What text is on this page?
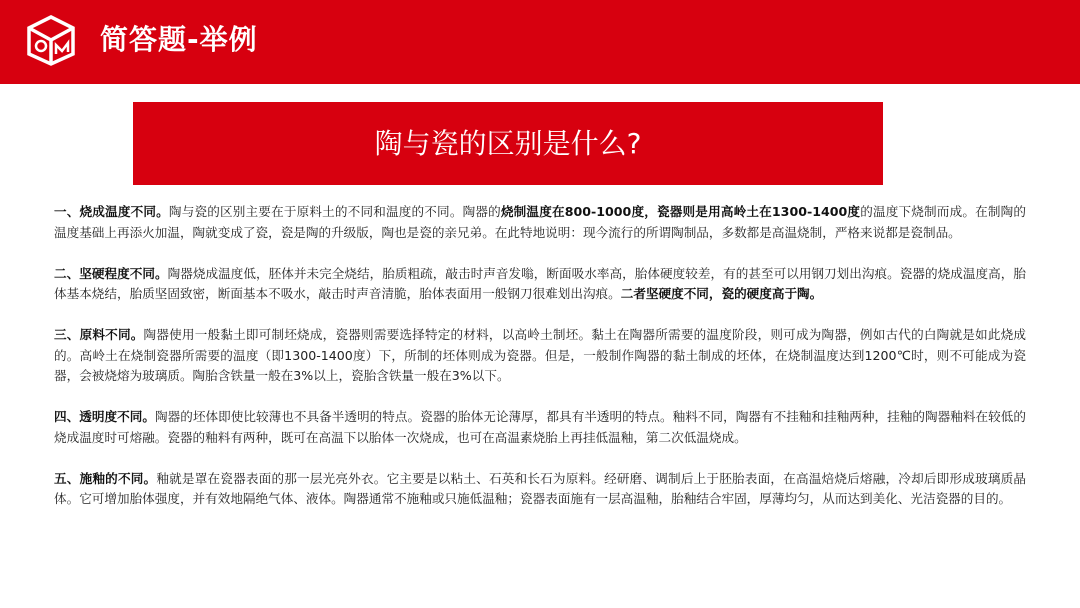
简答题-举例
陶与瓷的区别是什么?

一、烧成温度不同。陶与瓷的区别主要在于原料土的不同和温度的不同。陶器的烧制温度在800-1000度，瓷器则是用高岭土在1300-1400度的温度下烧制而成。在制陶的温度基础上再添火加温，陶就变成了瓷，瓷是陶的升级版，陶也是瓷的亲兄弟。在此特地说明：现今流行的所谓陶制品，多数都是高温烧制，严格来说都是瓷制品。

二、坚硬程度不同。陶器烧成温度低，胚体并未完全烧结，胎质粗疏，敲击时声音发嗡，断面吸水率高，胎体硬度较差，有的甚至可以用钢刀划出沟痕。瓷器的烧成温度高，胎体基本烧结，胎质坚固致密，断面基本不吸水，敲击时声音清脆，胎体表面用一般钢刀很难划出沟痕。二者坚硬度不同，瓷的硬度高于陶。

三、原料不同。陶器使用一般黏土即可制坯烧成，瓷器则需要选择特定的材料，以高岭土制坯。黏土在陶器所需要的温度阶段，则可成为陶器，例如古代的白陶就是如此烧成的。高岭土在烧制瓷器所需要的温度（即1300-1400度）下，所制的坯体则成为瓷器。但是，一般制作陶器的黏土制成的坯体，在烧制温度达到1200℃时，则不可能成为瓷器，会被烧熔为玻璃质。陶胎含铁量一般在3%以上，瓷胎含铁量一般在3%以下。

四、透明度不同。陶器的坯体即使比较薄也不具备半透明的特点。瓷器的胎体无论薄厚，都具有半透明的特点。釉料不同，陶器有不挂釉和挂釉两种，挂釉的陶器釉料在较低的烧成温度时可熔融。瓷器的釉料有两种，既可在高温下以胎体一次烧成，也可在高温素烧胎上再挂低温釉，第二次低温烧成。

五、施釉的不同。釉就是罩在瓷器表面的那一层光亮外衣。它主要是以粘土、石英和长石为原料。经研磨、调制后上于胚胎表面，在高温焙烧后熔融，冷却后即形成玻璃质晶体。它可增加胎体强度，并有效地隔绝气体、液体。陶器通常不施釉或只施低温釉；瓷器表面施有一层高温釉，胎釉结合牢固，厚薄均匀，从而达到美化、光洁瓷器的目的。
